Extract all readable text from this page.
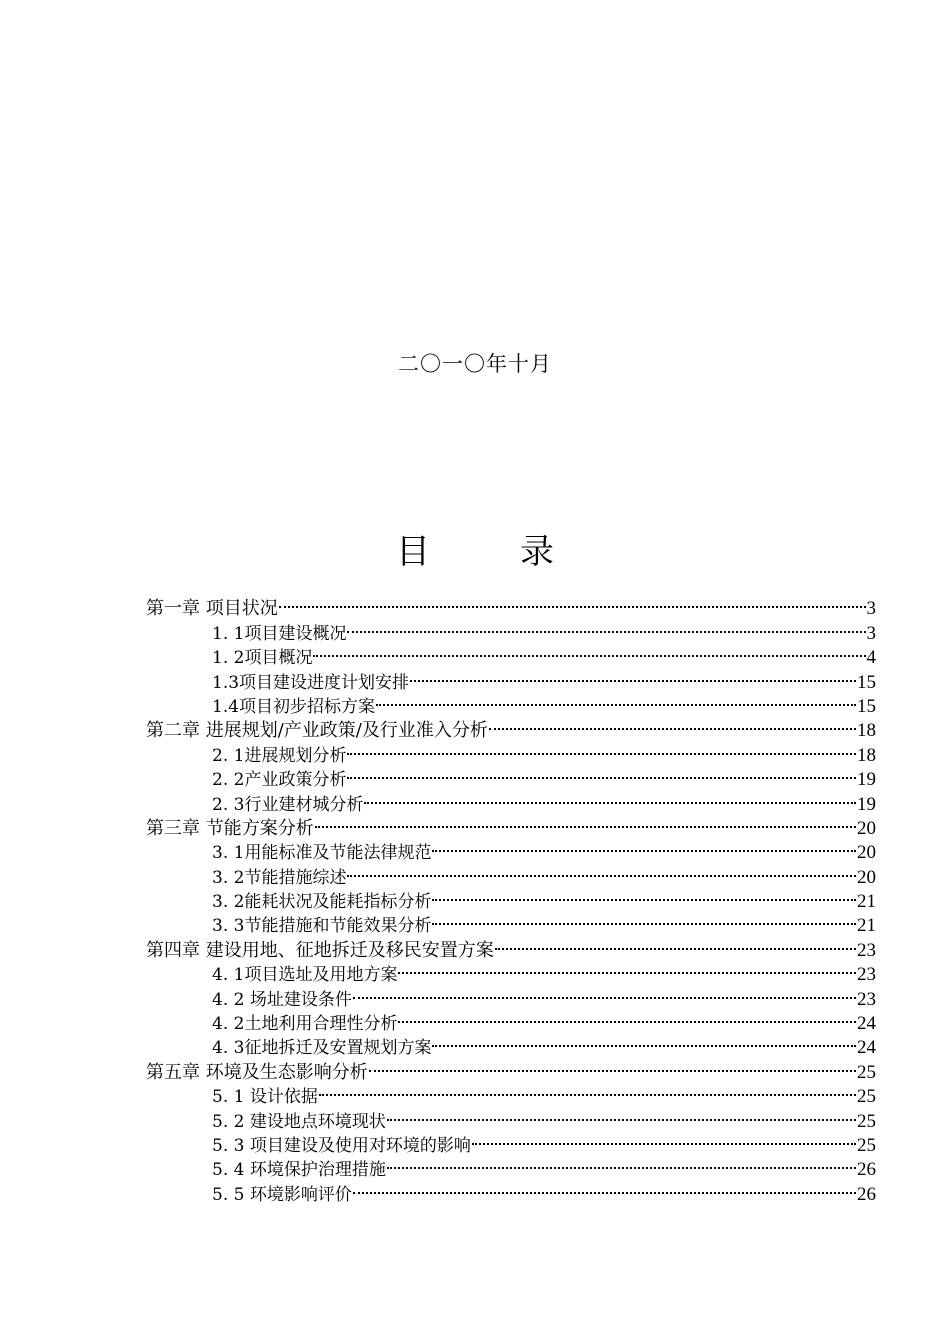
二〇一〇年十月
目　录
第一章 项目状况	3
1. 1项目建设概况	3
1. 2项目概况	4
1.3项目建设进度计划安排	15
1.4项目初步招标方案	15
第二章 进展规划/产业政策/及行业准入分析	18
2. 1进展规划分析	18
2. 2产业政策分析	19
2. 3行业建材城分析	19
第三章 节能方案分析	20
3. 1用能标准及节能法律规范	20
3. 2节能措施综述	20
3. 2能耗状况及能耗指标分析	21
3. 3节能措施和节能效果分析	21
第四章 建设用地、征地拆迁及移民安置方案	23
4. 1项目选址及用地方案	23
4. 2 场址建设条件	23
4. 2土地利用合理性分析	24
4. 3征地拆迁及安置规划方案	24
第五章 环境及生态影响分析	25
5. 1 设计依据	25
5. 2 建设地点环境现状	25
5. 3 项目建设及使用对环境的影响	25
5. 4 环境保护治理措施	26
5. 5 环境影响评价	26
